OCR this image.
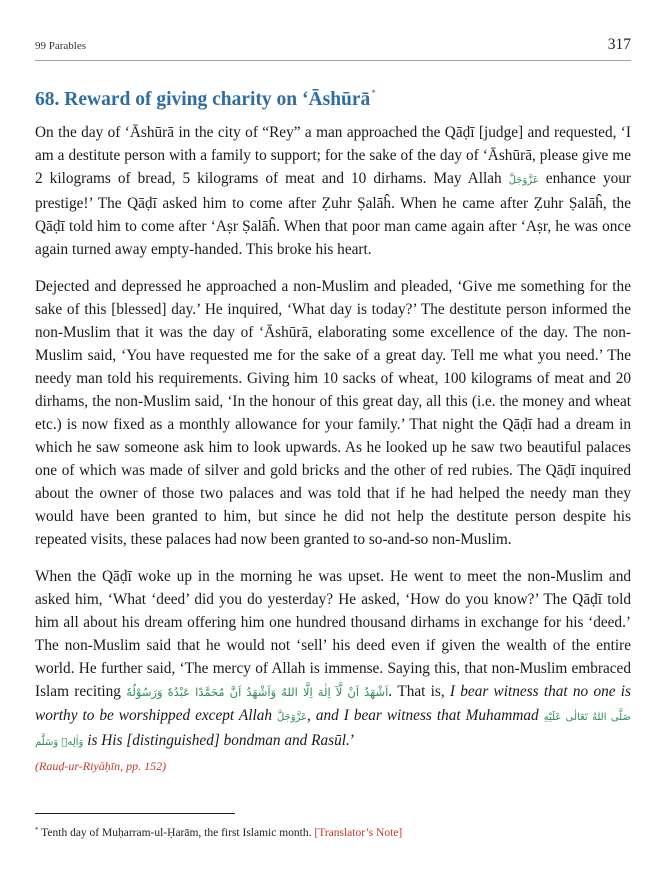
99 Parables	317
68. Reward of giving charity on ‘Āshūrā*

On the day of ‘Āshūrā in the city of “Rey” a man approached the Qāḍī [judge] and requested, ‘I am a destitute person with a family to support; for the sake of the day of ‘Āshūrā, please give me 2 kilograms of bread, 5 kilograms of meat and 10 dirhams. May Allah عَزَّوَجَلَّ enhance your prestige!’ The Qāḍī asked him to come after Ẓuhr Ṣalāĥ. When he came after Ẓuhr Ṣalāĥ, the Qāḍī told him to come after ‘Aṣr Ṣalāĥ. When that poor man came again after ‘Aṣr, he was once again turned away empty-handed. This broke his heart.

Dejected and depressed he approached a non-Muslim and pleaded, ‘Give me something for the sake of this [blessed] day.’ He inquired, ‘What day is today?’ The destitute person informed the non-Muslim that it was the day of ‘Āshūrā, elaborating some excellence of the day. The non-Muslim said, ‘You have requested me for the sake of a great day. Tell me what you need.’ The needy man told his requirements. Giving him 10 sacks of wheat, 100 kilograms of meat and 20 dirhams, the non-Muslim said, ‘In the honour of this great day, all this (i.e. the money and wheat etc.) is now fixed as a monthly allowance for your family.’ That night the Qāḍī had a dream in which he saw someone ask him to look upwards. As he looked up he saw two beautiful palaces one of which was made of silver and gold bricks and the other of red rubies. The Qāḍī inquired about the owner of those two palaces and was told that if he had helped the needy man they would have been granted to him, but since he did not help the destitute person despite his repeated visits, these palaces had now been granted to so-and-so non-Muslim.

When the Qāḍī woke up in the morning he was upset. He went to meet the non-Muslim and asked him, ‘What ‘deed’ did you do yesterday? He asked, ‘How do you know?’ The Qāḍī told him all about his dream offering him one hundred thousand dirhams in exchange for his ‘deed.’ The non-Muslim said that he would not ‘sell’ his deed even if given the wealth of the entire world. He further said, ‘The mercy of Allah is immense. Saying this, that non-Muslim embraced Islam reciting اَشْهَدُ اَنْ لَّآ اِلٰهَ اِلَّا اللهُ وَاَشْهَدُ اَنَّ مُحَمَّدًا عَبْدُهٗ وَرَسُوْلُهٗ. That is, I bear witness that no one is worthy to be worshipped except Allah عَزَّوَجَلَّ, and I bear witness that Muhammad صَلَّى اللهُ تَعَالٰى عَلَيْهِ وَاٰلِهٖ وَسَلَّم is His [distinguished] bondman and Rasūl.’

(Rauḍ-ur-Riyāḥīn, pp. 152)
* Tenth day of Muḥarram-ul-Ḥarām, the first Islamic month. [Translator’s Note]
